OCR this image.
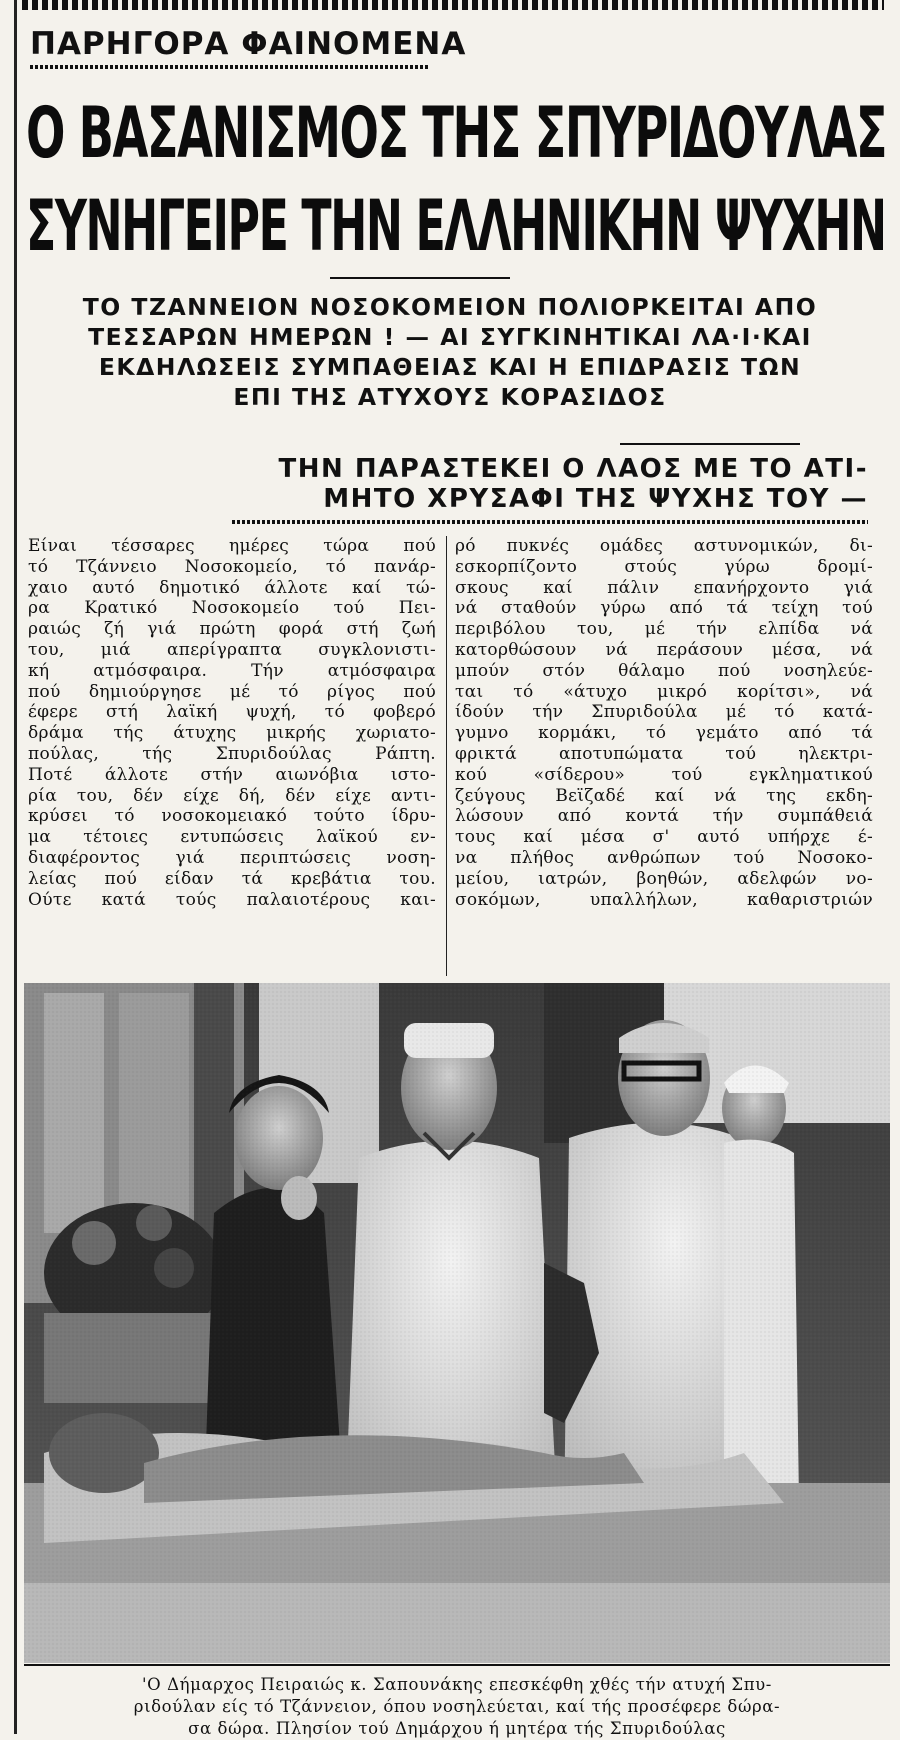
ΠΑΡΗΓΟΡΑ ΦΑΙΝΟΜΕΝΑ
Ο ΒΑΣΑΝΙΣΜΟΣ ΤΗΣ ΣΠΥΡΙΔΟΥΛΑΣ
ΣΥΝΗΓΕΙΡΕ ΤΗΝ ΕΛΛΗΝΙΚΗΝ ΨΥΧΗΝ
ΤΟ ΤΖΑΝΝΕΙΟΝ ΝΟΣΟΚΟΜΕΙΟΝ ΠΟΛΙΟΡΚΕΙΤΑΙ ΑΠΟ
ΤΕΣΣΑΡΩΝ ΗΜΕΡΩΝ ! — ΑΙ ΣΥΓΚΙΝΗΤΙΚΑΙ ΛΑ·Ι·ΚΑΙ
ΕΚΔΗΛΩΣΕΙΣ ΣΥΜΠΑΘΕΙΑΣ ΚΑΙ Η ΕΠΙΔΡΑΣΙΣ ΤΩΝ
ΕΠΙ ΤΗΣ ΑΤΥΧΟΥΣ ΚΟΡΑΣΙΔΟΣ
ΤΗΝ ΠΑΡΑΣΤΕΚΕΙ Ο ΛΑΟΣ ΜΕ ΤΟ ΑΤΙ-
ΜΗΤΟ ΧΡΥΣΑΦΙ ΤΗΣ ΨΥΧΗΣ ΤΟΥ —
Είναι τέσσαρες ημέρες τώρα πού
τό Τζάννειο Νοσοκομείο, τό πανάρ-
χαιο αυτό δημοτικό άλλοτε καί τώ-
ρα Κρατικό Νοσοκομείο τού Πει-
ραιώς ζή γιά πρώτη φορά στή ζωή
του, μιά απερίγραπτα συγκλονιστι-
κή ατμόσφαιρα. Τήν ατμόσφαιρα
πού δημιούργησε μέ τό ρίγος πού
έφερε στή λαϊκή ψυχή, τό φοβερό
δράμα τής άτυχης μικρής χωριατο-
πούλας, τής Σπυριδούλας Ράπτη.
Ποτέ άλλοτε στήν αιωνόβια ιστο-
ρία του, δέν είχε δή, δέν είχε αντι-
κρύσει τό νοσοκομειακό τούτο ίδρυ-
μα τέτοιες εντυπώσεις λαϊκού εν-
διαφέροντος γιά περιπτώσεις νοση-
λείας πού είδαν τά κρεβάτια του.
Ούτε κατά τούς παλαιοτέρους και-
ρό πυκνές ομάδες αστυνομικών, δι-
εσκορπίζοντο στούς γύρω δρομί-
σκους καί πάλιν επανήρχοντο γιά
νά σταθούν γύρω από τά τείχη τού
περιβόλου του, μέ τήν ελπίδα νά
κατορθώσουν νά περάσουν μέσα, νά
μπούν στόν θάλαμο πού νοσηλεύε-
ται τό «άτυχο μικρό κορίτσι», νά
ίδούν τήν Σπυριδούλα μέ τό κατά-
γυμνο κορμάκι, τό γεμάτο από τά
φρικτά αποτυπώματα τού ηλεκτρι-
κού «σίδερου» τού εγκληματικού
ζεύγους Βεϊζαδέ καί νά της εκδη-
λώσουν από κοντά τήν συμπάθειά
τους καί μέσα σ' αυτό υπήρχε έ-
να πλήθος ανθρώπων τού Νοσοκο-
μείου, ιατρών, βοηθών, αδελφών νο-
σοκόμων, υπαλλήλων, καθαριστριών
'Ο Δήμαρχος Πειραιώς κ. Σαπουνάκης επεσκέφθη χθές τήν ατυχή Σπυ-
ριδούλαν είς τό Τζάννειον, όπου νοσηλεύεται, καί τής προσέφερε δώρα-
σα δώρα. Πλησίον τού Δημάρχου ή μητέρα τής Σπυριδούλας
